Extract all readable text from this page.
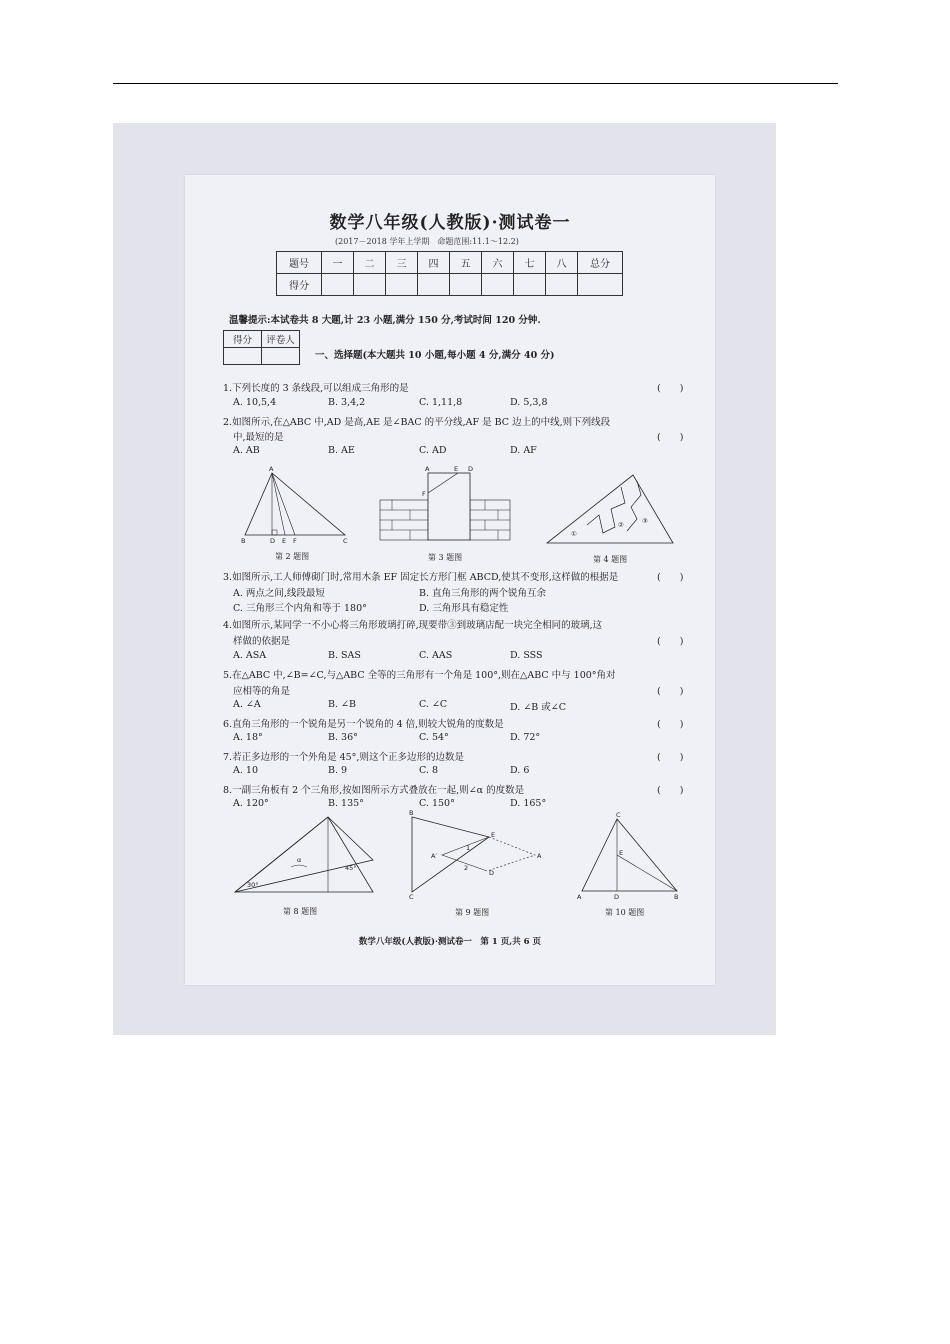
数学八年级(人教版)·测试卷一
(2017－2018 学年上学期　命题范围:11.1～12.2)
题号	一	二	三	四	五	六	七	八	总分
得分									
温馨提示:本试卷共 8 大题,计 23 小题,满分 150 分,考试时间 120 分钟.
得分	评卷人

一、选择题(本大题共 10 小题,每小题 4 分,满分 40 分)
1.下列长度的 3 条线段,可以组成三角形的是	(　　)
A. 10,5,4	B. 3,4,2	C. 1,11,8	D. 5,3,8
2.如图所示,在△ABC 中,AD 是高,AE 是∠BAC 的平分线,AF 是 BC 边上的中线,则下列线段
中,最短的是	(　　)
A. AB	B. AE	C. AD	D. AF
A
B	D E F	C
第 2 题图
A	E D
F
第 3 题图
①
②	③
第 4 题图
3.如图所示,工人师傅砌门时,常用木条 EF 固定长方形门框 ABCD,使其不变形,这样做的根据是	(　　)
A. 两点之间,线段最短	B. 直角三角形的两个锐角互余
C. 三角形三个内角和等于 180°	D. 三角形具有稳定性
4.如图所示,某同学一不小心将三角形玻璃打碎,现要带③到玻璃店配一块完全相同的玻璃,这
样做的依据是	(　　)
A. ASA	B. SAS	C. AAS	D. SSS
5.在△ABC 中,∠B=∠C,与△ABC 全等的三角形有一个角是 100°,则在△ABC 中与 100°角对
应相等的角是	(　　)
A. ∠A	B. ∠B	C. ∠C	D. ∠B 或∠C
6.直角三角形的一个锐角是另一个锐角的 4 倍,则较大锐角的度数是	(　　)
A. 18°	B. 36°	C. 54°	D. 72°
7.若正多边形的一个外角是 45°,则这个正多边形的边数是	(　　)
A. 10	B. 9	C. 8	D. 6
8.一副三角板有 2 个三角形,按如图所示方式叠放在一起,则∠α 的度数是	(　　)
A. 120°	B. 135°	C. 150°	D. 165°
α
30°
45°
第 8 题图
B
E
A′
1
A
2
D
C
第 9 题图
C
E
A	D	B
第 10 题图
数学八年级(人教版)·测试卷一　第 1 页,共 6 页
